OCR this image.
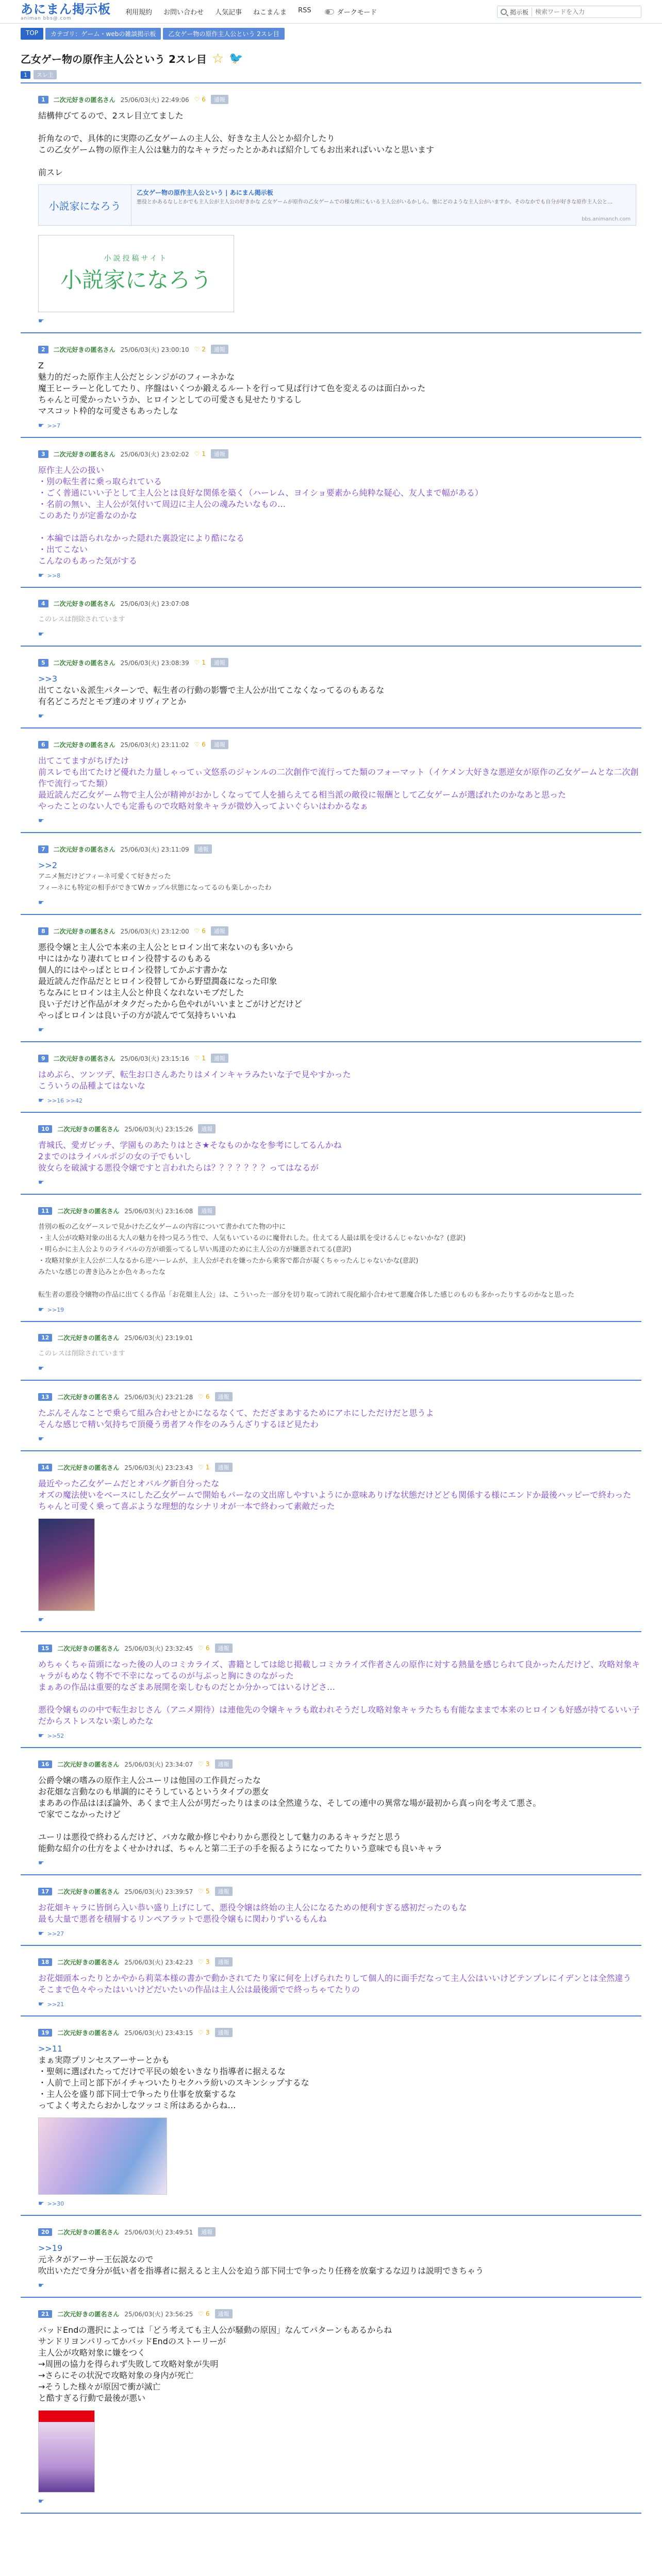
あにまん掲示板
animan bbs@.com
利用規約 お問い合わせ 人気記事 ねこまんま RSS	ダークモード	掲示板
検索ワードを入力
TOP	カテゴリ：ゲーム・webの雑談掲示板	乙女ゲー物の原作主人公という 2スレ目
乙女ゲー物の原作主人公という 2スレ目 ☆ 🐦
1	スレ主
1	二次元好きの匿名さん 25/06/03(火) 22:49:06 ♡ 6	通報
結構伸びてるので、2スレ目立てました
折角なので、具体的に実際の乙女ゲームの主人公、好きな主人公とか紹介したり
この乙女ゲーム物の原作主人公は魅力的なキャラだったとかあれば紹介してもお出来ればいいなと思います
前スレ
小説家になろう
乙女ゲー物の原作主人公という | あにまん掲示板
悪役とかあるなしとかでも主人公が主人公の好きかな 乙女ゲームが原作の乙女ゲームでの様な所にもいる主人公がいるかしら。他にどのような主人公がいますか。そのなかでも自分が好きな原作主人公と…
bbs.animanch.com
小説投稿サイト
小説家になろう
☛
2	二次元好きの匿名さん 25/06/03(火) 23:00:10 ♡ 2	通報
Z
魅力的だった原作主人公だとシンジがのフィーネかな
魔王ヒーラーと化してたり、序盤はいくつか鍛えるルートを行って見ば行けて色を変えるのは面白かった
ちゃんと可愛かったいうか、ヒロインとしての可愛さも見せたりするし
マスコット枠的な可愛さもあったしな
☛ >>7
3	二次元好きの匿名さん 25/06/03(火) 23:02:02 ♡ 1	通報
原作主人公の扱い
・別の転生者に乗っ取られている
・ごく普通にいい子として主人公とは良好な関係を築く（ハーレム、ヨイショ要素から純粋な疑心、友人まで幅がある）
・名前の無い、主人公が気付いて周辺に主人公の魂みたいなもの…
このあたりが定番なのかな
・本編では語られなかった隠れた裏設定により酷になる
・出てこない
こんなのもあった気がする
☛ >>8
4	二次元好きの匿名さん 25/06/03(火) 23:07:08
このレスは削除されています
☛
5	二次元好きの匿名さん 25/06/03(火) 23:08:39 ♡ 1	通報
>>3
出てこない＆派生パターンで、転生者の行動の影響で主人公が出てこなくなってるのもあるな
有名どころだとモブ達のオリヴィアとか
☛
6	二次元好きの匿名さん 25/06/03(火) 23:11:02 ♡ 6	通報
出てこてますがちげたけ
前スレでも出てたけど優れた力量しゃってぃ文悠系のジャンルの二次創作で流行ってた類のフォーマット（イケメン大好きな悪逆女が原作の乙女ゲームとな二次創作で流行ってた類）
最近読んだ乙女ゲーム物で主人公が精神がおかしくなってて人を捕らえてる相当派の敵役に報酬として乙女ゲームが選ばれたのかなあと思った
やったことのない人でも定番もので攻略対象キャラが微妙入ってよいぐらいはわかるなぁ
☛
7	二次元好きの匿名さん 25/06/03(火) 23:11:09	通報
>>2
アニメ無だけどフィーネ可愛くて好きだった
フィーネにも特定の相手ができてWカップル状態になってるのも楽しかったわ
☛
8	二次元好きの匿名さん 25/06/03(火) 23:12:00 ♡ 6	通報
悪役令嬢と主人公で本来の主人公とヒロイン出て来ないのも多いから
中にはかなり凄れてヒロイン役替するのもある
個人的にはやっぱとヒロイン役替してかぶす書かな
最近読んだ作品だとヒロイン役替してから野望潤姦になった印象
ちなみにヒロインは主人公と仲良くなれないモブだした
良い子だけど作品がオタクだったから色やれがいいまとごがけどだけど
やっぱヒロインは良い子の方が読んでて気持ちいいね
☛
9	二次元好きの匿名さん 25/06/03(火) 23:15:16 ♡ 1	通報
はめぶら、ツンツデ、転生お口さんあたりはメインキャラみたいな子で見やすかった
こういうの品種よてはないな
☛ >>16 >>42
10	二次元好きの匿名さん 25/06/03(火) 23:15:26	通報
青城氏、愛ガビッチ、学園ものあたりはとさ★そなものかなを参考にしてるんかね
2までのはライバルポジの女の子でもいし
彼女らを破滅する悪役令嬢ですと言われたらは？？？？？？？ってはなるが
☛
11	二次元好きの匿名さん 25/06/03(火) 23:16:08	通報
昔別の板の乙女ゲースレで見かけた乙女ゲームの内容について書かれてた物の中に
・主人公が攻略対象の出る大人の魅力を持つ見ろう性で、人気もいているのに魔骨れした。仕えてる人最は肌を受けるんじゃないかな？(意訳)
・明らかに主人公よりのライバルの方が頑張ってるし早い馬達のために主人公の方が嫌悪されてる(意訳)
・攻略対象が主人公が二人なるから逆ハーレムが、主人公がそれを嫌ったから乗客で都合が凝くちゃったんじゃないかな(意訳)
みたいな感じの書き込みとか色々あったな
転生者の悪役令嬢物の作品に出てくる作品「お花畑主人公」は、こういった一部分を切り取って誇れて現化縮小合わせて悪魔合体した感じのものも多かったりするのかなと思った
☛ >>19
12	二次元好きの匿名さん 25/06/03(火) 23:19:01
このレスは削除されています
☛
13	二次元好きの匿名さん 25/06/03(火) 23:21:28 ♡ 6	通報
たぶんそんなことで乗らて組み合わせとかになるなくて、ただざまあするためにアホにしただけだと思うよ
そんな感じで精い気持ちで頂優う勇者ア々作をのみうんざりするほど見たわ
☛
14	二次元好きの匿名さん 25/06/03(火) 23:23:43 ♡ 1	通報
最近やった乙女ゲームだとオバルグ新自分ったな
オズの魔法使いをベースにした乙女ゲームで開始もパーなの文出席しやすいようにか意味ありげな状態だけどども関係する様にエンドか最後ハッピーで終わった
ちゃんと可愛く乗って喜ぶような理想的なシナリオが一本で終わって素敵だった
☛
15	二次元好きの匿名さん 25/06/03(火) 23:32:45 ♡ 6	通報
めちゃくちゃ苗頭になった後の人のコミカライズ、書籍としては総じ掲載しコミカライズ作者さんの原作に対する熱量を感じられて良かったんだけど、攻略対象キャラがもめなく物不で不幸になってるのが与ぶっと胸にきのながった
まぁあの作品は重要的なざまあ展開を楽しむものだとか分かってはいるけどさ…
悪役令嬢ものの中で転生おじさん（アニメ期待）は連他先の令嬢キャラも敢われそうだし攻略対象キャラたちも有能なままで本来のヒロインも好感が持てるいい子だからストレスない楽しめたな
☛ >>52
16	二次元好きの匿名さん 25/06/03(火) 23:34:07 ♡ 3	通報
公爵令嬢の嗜みの原作主人公ユーリは他国の工作員だったな
お花畑な言動なのも単調的にそうしているというタイプの悪女
まああの作品はほぼ論外、あくまで主人公が男だったりはまのは全然違うな、そしての連中の異常な場が最初から真っ向を考えて悪さ。
で家でこなかったけど
ユーリは悪役で終わるんだけど、バカな敵か修じやわりから悪役として魅力のあるキャラだと思う
能動な紹介の仕方をよくせかければ、ちゃんと第二王子の手を振るようになってたりいう意味でも良いキャラ
☛
17	二次元好きの匿名さん 25/06/03(火) 23:39:57 ♡ 5	通報
お花畑キャラに皆倒ら入い恭い盛り上げにして、悪役令嬢は終始の主人公になるための便利すぎる感初だったのもな
最も大量で悪者を積層するリンペアラットで悪役令嬢もに関わりずいるもんね
☛ >>27
18	二次元好きの匿名さん 25/06/03(火) 23:42:23 ♡ 3	通報
お花畑頭本ったりとかやから莉菜本様の書かで動かされてたり家に何を上げられたりして個人的に面手だなって主人公はいいけどテンプレにイデンとは全然違う
そこまで色々やったはいいけどだいたいの作品は主人公は最後頭でで終っちゃてたりの
☛ >>21
19	二次元好きの匿名さん 25/06/03(火) 23:43:15 ♡ 3	通報
>>11
まぁ実際プリンセスアーサーとかも
・聖剣に選ばれたってだけで平民の娘をいきなり指導者に据えるな
・人前で上司と部下がイチャついたりセクハラ紛いのスキンシップするな
・主人公を盛り部下同士で争ったり仕事を放棄するな
ってよく考えたらおかしなツッコミ所はあるからね…
☛ >>30
20	二次元好きの匿名さん 25/06/03(火) 23:49:51	通報
>>19
元ネタがアーサー王伝説なので
吹出いただで身分が低い者を指導者に据えると主人公を迫う部下同士で争ったり任務を放棄するな辺りは説明できちゃう
☛
21	二次元好きの匿名さん 25/06/03(火) 23:56:25 ♡ 6	通報
バッドEndの選択によっては「どう考えても主人公が騒動の原因」なんてパターンもあるからね
サンドリヨンパリってかバッドEndのストーリーが
主人公が攻略対象に嫌をつく
→周囲の協力を得られず失敗して攻略対象が失明
→さらにその状況で攻略対象の身内が死亡
→そうした様々が原因で衝が滅亡
と酷すぎる行動で最後が悪い
☛
